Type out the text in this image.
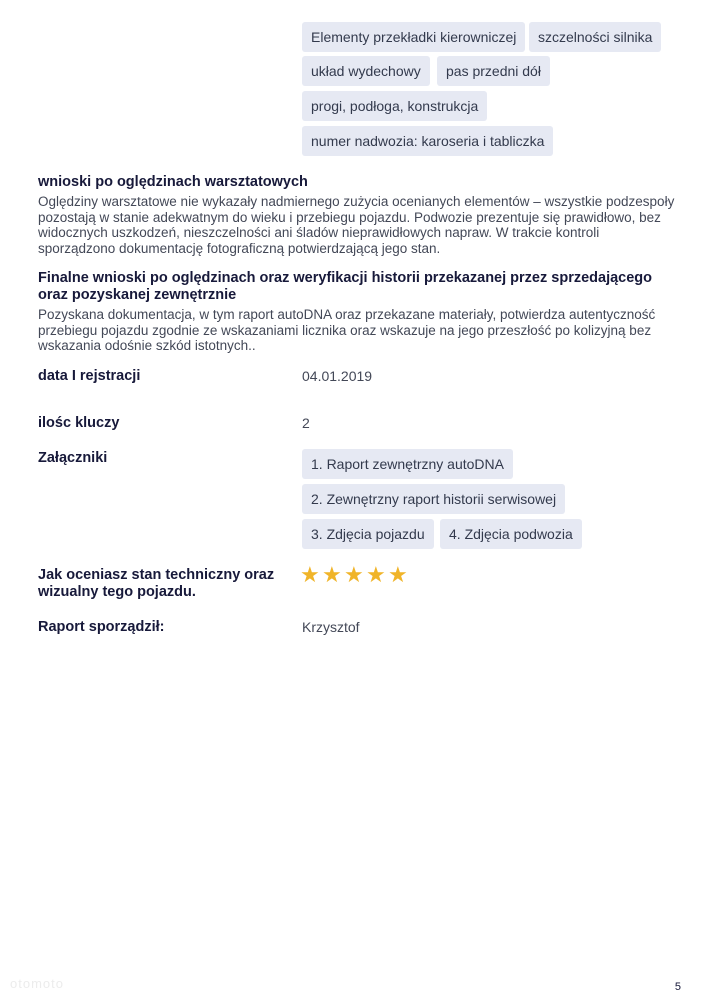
Elementy przekładki kierowniczej	szczelności silnika
układ wydechowy	pas przedni dół
progi, podłoga, konstrukcja
numer nadwozia: karoseria i tabliczka
wnioski po oględzinach warsztatowych
Oględziny warsztatowe nie wykazały nadmiernego zużycia ocenianych elementów – wszystkie podzespoły pozostają w stanie adekwatnym do wieku i przebiegu pojazdu. Podwozie prezentuje się prawidłowo, bez widocznych uszkodzeń, nieszczelności ani śladów nieprawidłowych napraw. W trakcie kontroli sporządzono dokumentację fotograficzną potwierdzającą jego stan.
Finalne wnioski po oględzinach oraz weryfikacji historii przekazanej przez sprzedającego oraz pozyskanej zewnętrznie
Pozyskana dokumentacja, w tym raport autoDNA oraz przekazane materiały, potwierdza autentyczność przebiegu pojazdu zgodnie ze wskazaniami licznika oraz wskazuje na jego przeszłość po kolizyjną bez wskazania odośnie szkód istotnych..
data I rejstracji	04.01.2019
ilośc kluczy	2
Załączniki	1. Raport zewnętrzny autoDNA
2. Zewnętrzny raport historii serwisowej
3. Zdjęcia pojazdu	4. Zdjęcia podwozia
Jak oceniasz stan techniczny oraz wizualny tego pojazdu.
★ ★ ★ ★ ★
Raport sporządził:	Krzysztof
otomoto	5
